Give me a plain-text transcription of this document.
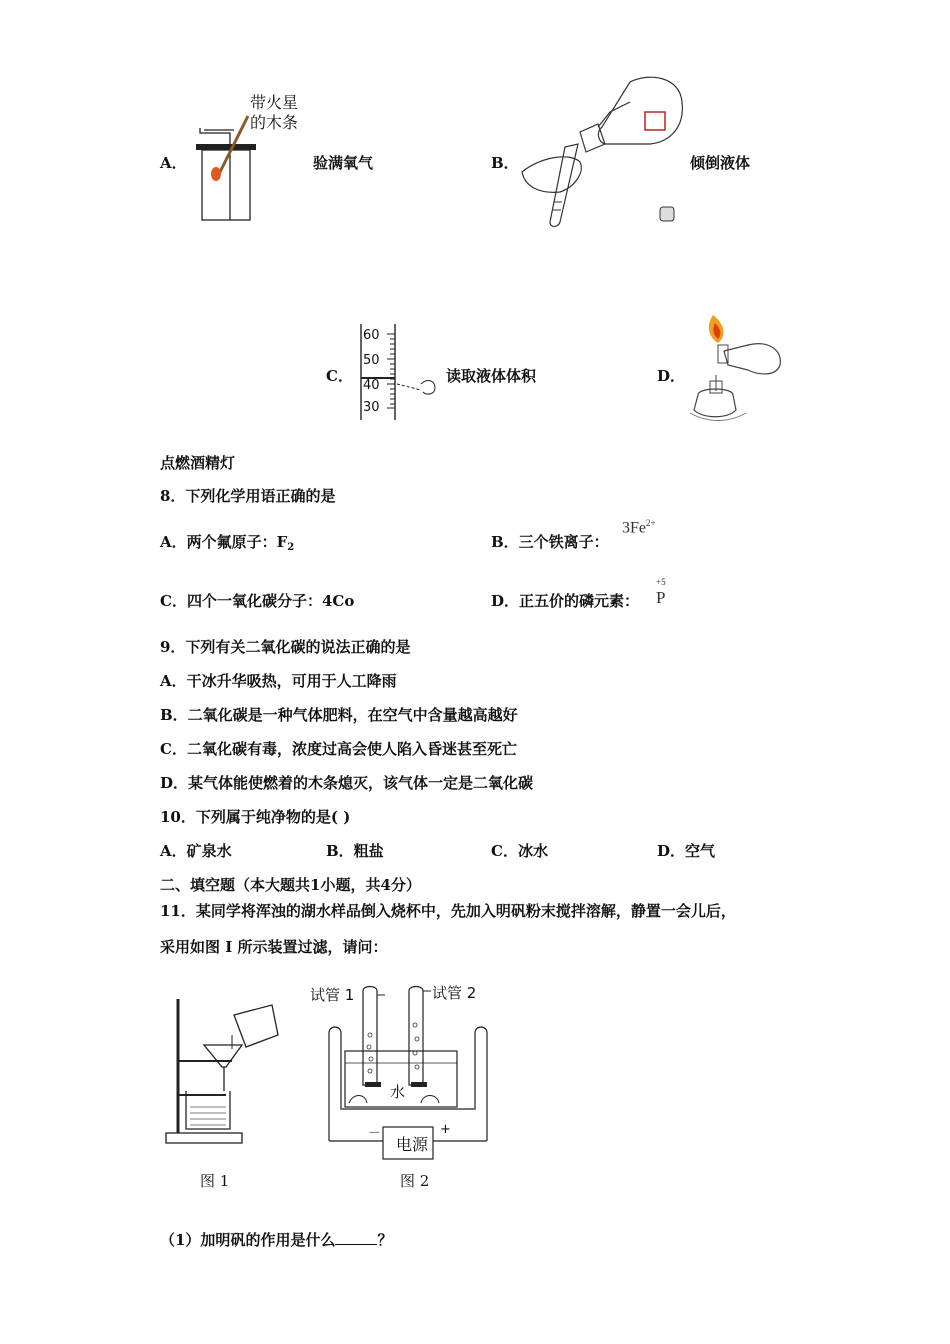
A．
带火星
的木条
验满氧气	B．	倾倒液体
C．
60
50
40
30
读取液体体积	D．
点燃酒精灯
8．下列化学用语正确的是
A．两个氟原子：$F_2$	B．三个铁离子：
$3Fe^{2+}$
C．四个一氧化碳分子：4Co	D．正五价的磷元素：
+5
P
9．下列有关二氧化碳的说法正确的是
A．干冰升华吸热，可用于人工降雨
B．二氧化碳是一种气体肥料，在空气中含量越高越好
C．二氧化碳有毒，浓度过高会使人陷入昏迷甚至死亡
D．某气体能使燃着的木条熄灭，该气体一定是二氧化碳
10．下列属于纯净物的是( )
A．矿泉水	B．粗盐	C．冰水	D．空气
二、填空题（本大题共1小题，共4分）
11．某同学将浑浊的湖水样品倒入烧杯中，先加入明矾粉末搅拌溶解，静置一会儿后，
采用如图 I 所示装置过滤，请问：
图 1
试管 1	试管 2
水
－	+
电源
图 2
（1）加明矾的作用是什么	？
